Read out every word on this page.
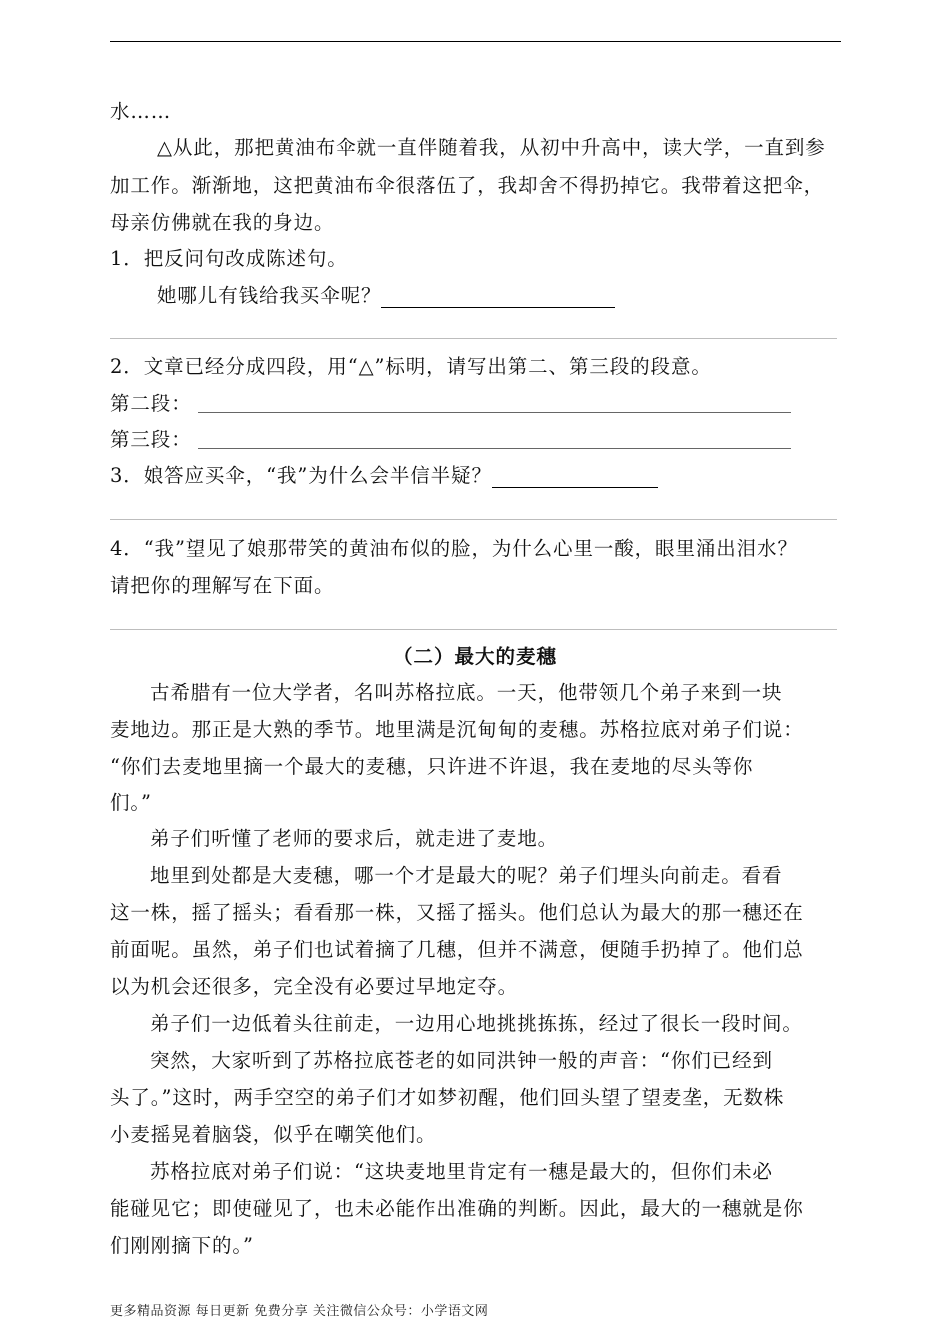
水……
△从此，那把黄油布伞就一直伴随着我，从初中升高中，读大学，一直到参
加工作。渐渐地，这把黄油布伞很落伍了，我却舍不得扔掉它。我带着这把伞，
母亲仿佛就在我的身边。
1．把反问句改成陈述句。
她哪儿有钱给我买伞呢？
2．文章已经分成四段，用“△”标明，请写出第二、第三段的段意。
第二段：
第三段：
3．娘答应买伞，“我”为什么会半信半疑？
4．“我”望见了娘那带笑的黄油布似的脸，为什么心里一酸，眼里涌出泪水？
请把你的理解写在下面。
（二）最大的麦穗
古希腊有一位大学者，名叫苏格拉底。一天，他带领几个弟子来到一块
麦地边。那正是大熟的季节。地里满是沉甸甸的麦穗。苏格拉底对弟子们说：
“你们去麦地里摘一个最大的麦穗，只许进不许退，我在麦地的尽头等你
们。”
弟子们听懂了老师的要求后，就走进了麦地。
地里到处都是大麦穗，哪一个才是最大的呢？弟子们埋头向前走。看看
这一株，摇了摇头；看看那一株，又摇了摇头。他们总认为最大的那一穗还在
前面呢。虽然，弟子们也试着摘了几穗，但并不满意，便随手扔掉了。他们总
以为机会还很多，完全没有必要过早地定夺。
弟子们一边低着头往前走，一边用心地挑挑拣拣，经过了很长一段时间。
突然，大家听到了苏格拉底苍老的如同洪钟一般的声音：“你们已经到
头了。”这时，两手空空的弟子们才如梦初醒，他们回头望了望麦垄，无数株
小麦摇晃着脑袋，似乎在嘲笑他们。
苏格拉底对弟子们说：“这块麦地里肯定有一穗是最大的，但你们未必
能碰见它；即使碰见了，也未必能作出准确的判断。因此，最大的一穗就是你
们刚刚摘下的。”
更多精品资源 每日更新 免费分享 关注微信公众号：小学语文网
